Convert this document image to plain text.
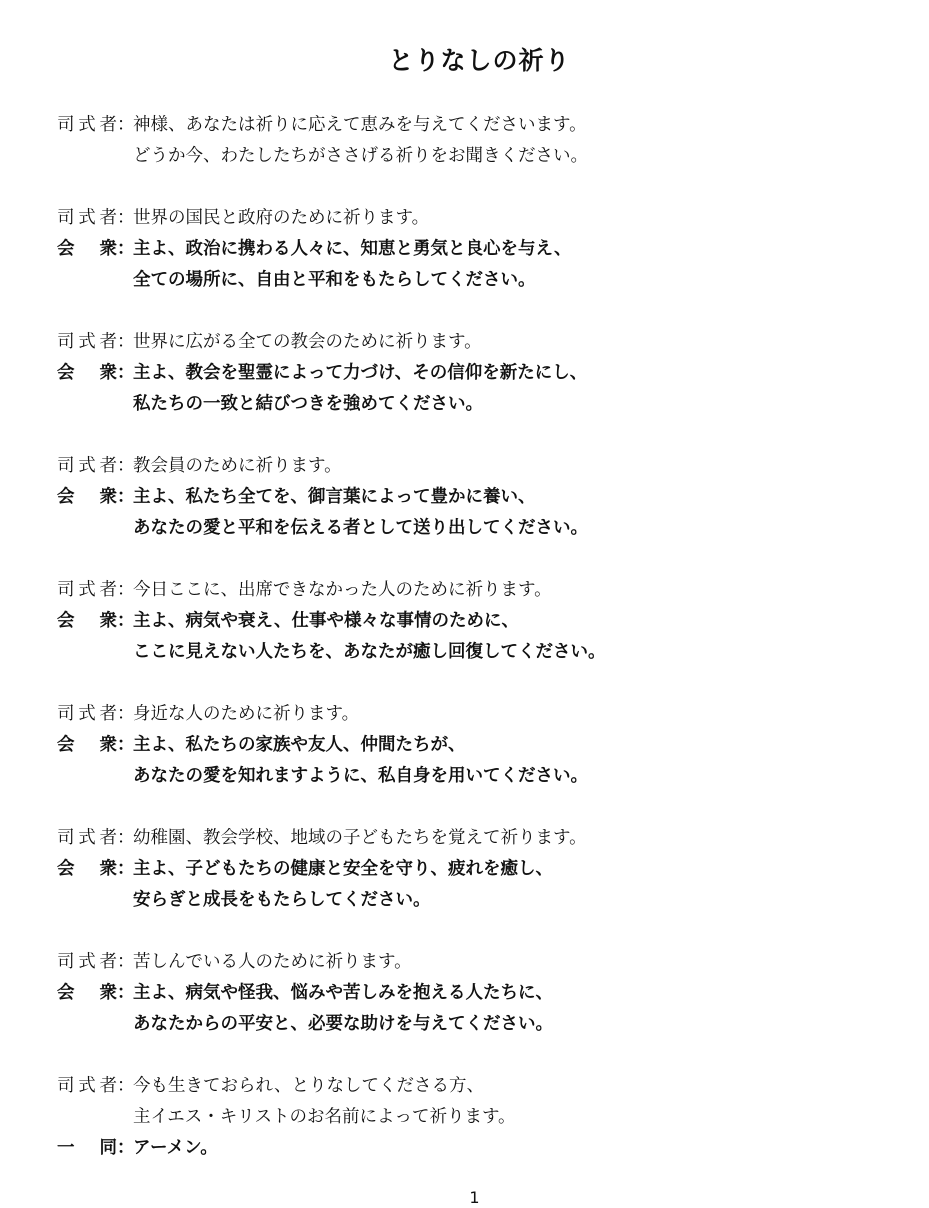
とりなしの祈り
司 式 者 ：
神様、あなたは祈りに応えて恵みを与えてくださいます。
どうか今、わたしたちがささげる祈りをお聞きください。
司 式 者 ：
世界の国民と政府のために祈ります。
会 衆 ：
主よ、政治に携わる人々に、知恵と勇気と良心を与え、
全ての場所に、自由と平和をもたらしてください。
司 式 者 ：
世界に広がる全ての教会のために祈ります。
会 衆 ：
主よ、教会を聖霊によって力づけ、その信仰を新たにし、
私たちの一致と結びつきを強めてください。
司 式 者 ：
教会員のために祈ります。
会 衆 ：
主よ、私たち全てを、御言葉によって豊かに養い、
あなたの愛と平和を伝える者として送り出してください。
司 式 者 ：
今日ここに、出席できなかった人のために祈ります。
会 衆 ：
主よ、病気や衰え、仕事や様々な事情のために、
ここに見えない人たちを、あなたが癒し回復してください。
司 式 者 ：
身近な人のために祈ります。
会 衆 ：
主よ、私たちの家族や友人、仲間たちが、
あなたの愛を知れますように、私自身を用いてください。
司 式 者 ：
幼稚園、教会学校、地域の子どもたちを覚えて祈ります。
会 衆 ：
主よ、子どもたちの健康と安全を守り、疲れを癒し、
安らぎと成長をもたらしてください。
司 式 者 ：
苦しんでいる人のために祈ります。
会 衆 ：
主よ、病気や怪我、悩みや苦しみを抱える人たちに、
あなたからの平安と、必要な助けを与えてください。
司 式 者 ：
今も生きておられ、とりなしてくださる方、
主イエス・キリストのお名前によって祈ります。
一 同 ：
アーメン。
1
